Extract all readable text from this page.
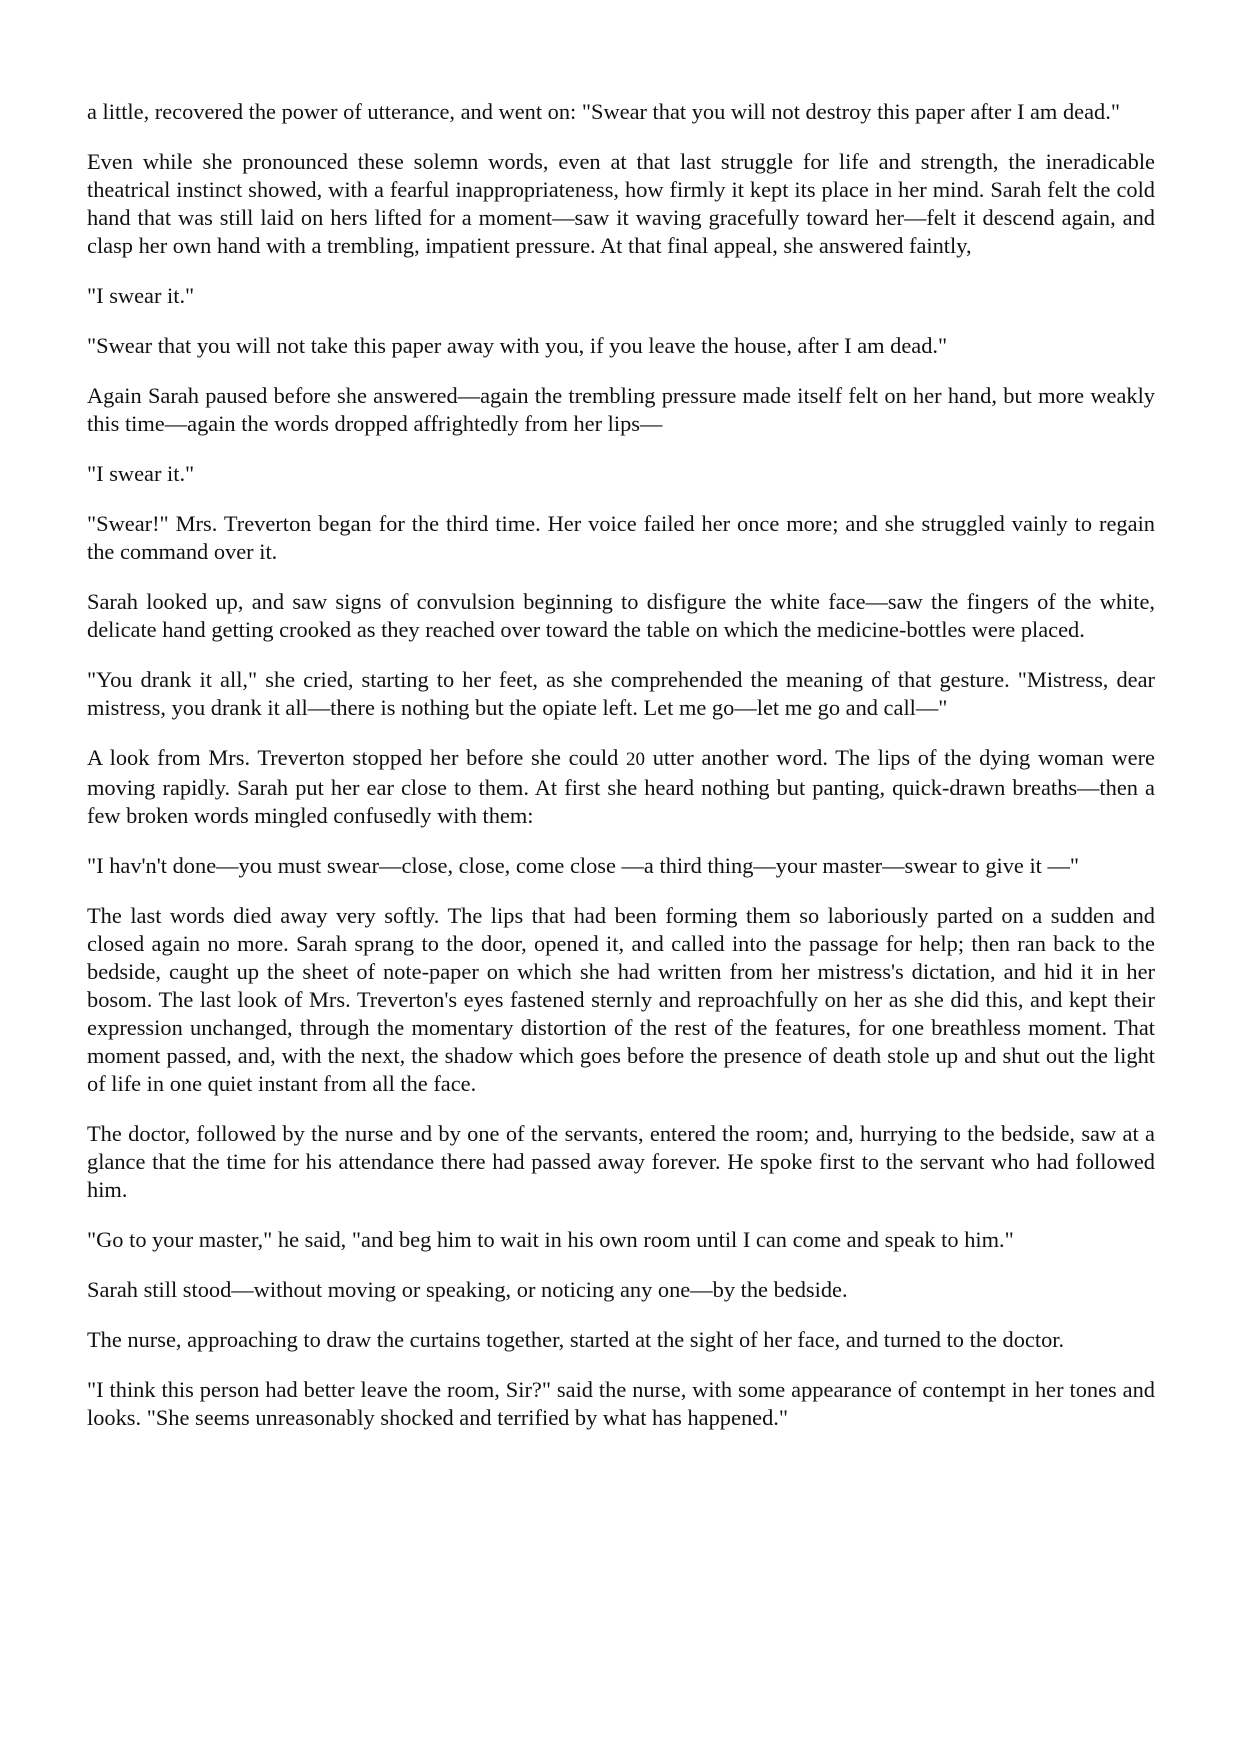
a little, recovered the power of utterance, and went on: "Swear that you will not destroy this paper after I am dead."

Even while she pronounced these solemn words, even at that last struggle for life and strength, the ineradicable theatrical instinct showed, with a fearful inappropriateness, how firmly it kept its place in her mind. Sarah felt the cold hand that was still laid on hers lifted for a moment—saw it waving gracefully toward her—felt it descend again, and clasp her own hand with a trembling, impatient pressure. At that final appeal, she answered faintly,

"I swear it."

"Swear that you will not take this paper away with you, if you leave the house, after I am dead."

Again Sarah paused before she answered—again the trembling pressure made itself felt on her hand, but more weakly this time—again the words dropped affrightedly from her lips—

"I swear it."

"Swear!" Mrs. Treverton began for the third time. Her voice failed her once more; and she struggled vainly to regain the command over it.

Sarah looked up, and saw signs of convulsion beginning to disfigure the white face—saw the fingers of the white, delicate hand getting crooked as they reached over toward the table on which the medicine-bottles were placed.

"You drank it all," she cried, starting to her feet, as she comprehended the meaning of that gesture. "Mistress, dear mistress, you drank it all—there is nothing but the opiate left. Let me go—let me go and call—"

A look from Mrs. Treverton stopped her before she could 20 utter another word. The lips of the dying woman were moving rapidly. Sarah put her ear close to them. At first she heard nothing but panting, quick-drawn breaths—then a few broken words mingled confusedly with them:

"I hav'n't done—you must swear—close, close, come close —a third thing—your master—swear to give it —"

The last words died away very softly. The lips that had been forming them so laboriously parted on a sudden and closed again no more. Sarah sprang to the door, opened it, and called into the passage for help; then ran back to the bedside, caught up the sheet of note-paper on which she had written from her mistress's dictation, and hid it in her bosom. The last look of Mrs. Treverton's eyes fastened sternly and reproachfully on her as she did this, and kept their expression unchanged, through the momentary distortion of the rest of the features, for one breathless moment. That moment passed, and, with the next, the shadow which goes before the presence of death stole up and shut out the light of life in one quiet instant from all the face.

The doctor, followed by the nurse and by one of the servants, entered the room; and, hurrying to the bedside, saw at a glance that the time for his attendance there had passed away forever. He spoke first to the servant who had followed him.

"Go to your master," he said, "and beg him to wait in his own room until I can come and speak to him."

Sarah still stood—without moving or speaking, or noticing any one—by the bedside.

The nurse, approaching to draw the curtains together, started at the sight of her face, and turned to the doctor.

"I think this person had better leave the room, Sir?" said the nurse, with some appearance of contempt in her tones and looks. "She seems unreasonably shocked and terrified by what has happened."
